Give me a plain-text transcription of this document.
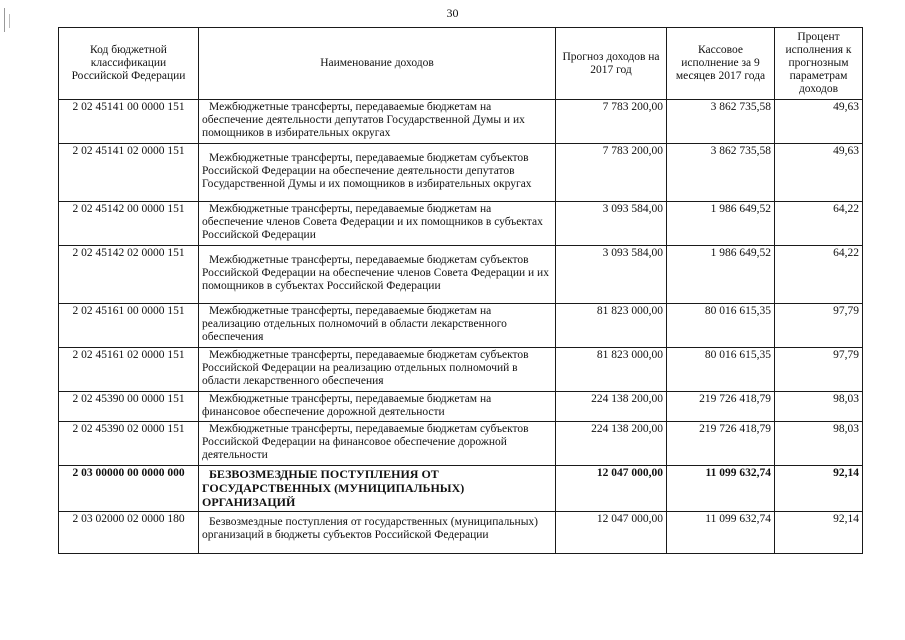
30
Код бюджетной классификации Российской Федерации	Наименование доходов	Прогноз доходов на 2017 год	Кассовое исполнение за 9 месяцев 2017 года	Процент исполнения к прогнозным параметрам доходов
2 02 45141 00 0000 151	Межбюджетные трансферты, передаваемые бюджетам на обеспечение деятельности депутатов Государственной Думы и их помощников в избирательных округах	7 783 200,00	3 862 735,58	49,63
2 02 45141 02 0000 151	Межбюджетные трансферты, передаваемые бюджетам субъектов Российской Федерации на обеспечение деятельности депутатов Государственной Думы и их помощников в избирательных округах	7 783 200,00	3 862 735,58	49,63
2 02 45142 00 0000 151	Межбюджетные трансферты, передаваемые бюджетам на обеспечение членов Совета Федерации и их помощников в субъектах Российской Федерации	3 093 584,00	1 986 649,52	64,22
2 02 45142 02 0000 151	Межбюджетные трансферты, передаваемые бюджетам субъектов Российской Федерации на обеспечение членов Совета Федерации и их помощников в субъектах Российской Федерации	3 093 584,00	1 986 649,52	64,22
2 02 45161 00 0000 151	Межбюджетные трансферты, передаваемые бюджетам на реализацию отдельных полномочий в области лекарственного обеспечения	81 823 000,00	80 016 615,35	97,79
2 02 45161 02 0000 151	Межбюджетные трансферты, передаваемые бюджетам субъектов Российской Федерации на реализацию отдельных полномочий в области лекарственного обеспечения	81 823 000,00	80 016 615,35	97,79
2 02 45390 00 0000 151	Межбюджетные трансферты, передаваемые бюджетам на финансовое обеспечение дорожной деятельности	224 138 200,00	219 726 418,79	98,03
2 02 45390 02 0000 151	Межбюджетные трансферты, передаваемые бюджетам субъектов Российской Федерации на финансовое обеспечение дорожной деятельности	224 138 200,00	219 726 418,79	98,03
2 03 00000 00 0000 000	БЕЗВОЗМЕЗДНЫЕ ПОСТУПЛЕНИЯ ОТ ГОСУДАРСТВЕННЫХ (МУНИЦИПАЛЬНЫХ) ОРГАНИЗАЦИЙ	12 047 000,00	11 099 632,74	92,14
2 03 02000 02 0000 180	Безвозмездные поступления от государственных (муниципальных) организаций в бюджеты субъектов Российской Федерации	12 047 000,00	11 099 632,74	92,14
